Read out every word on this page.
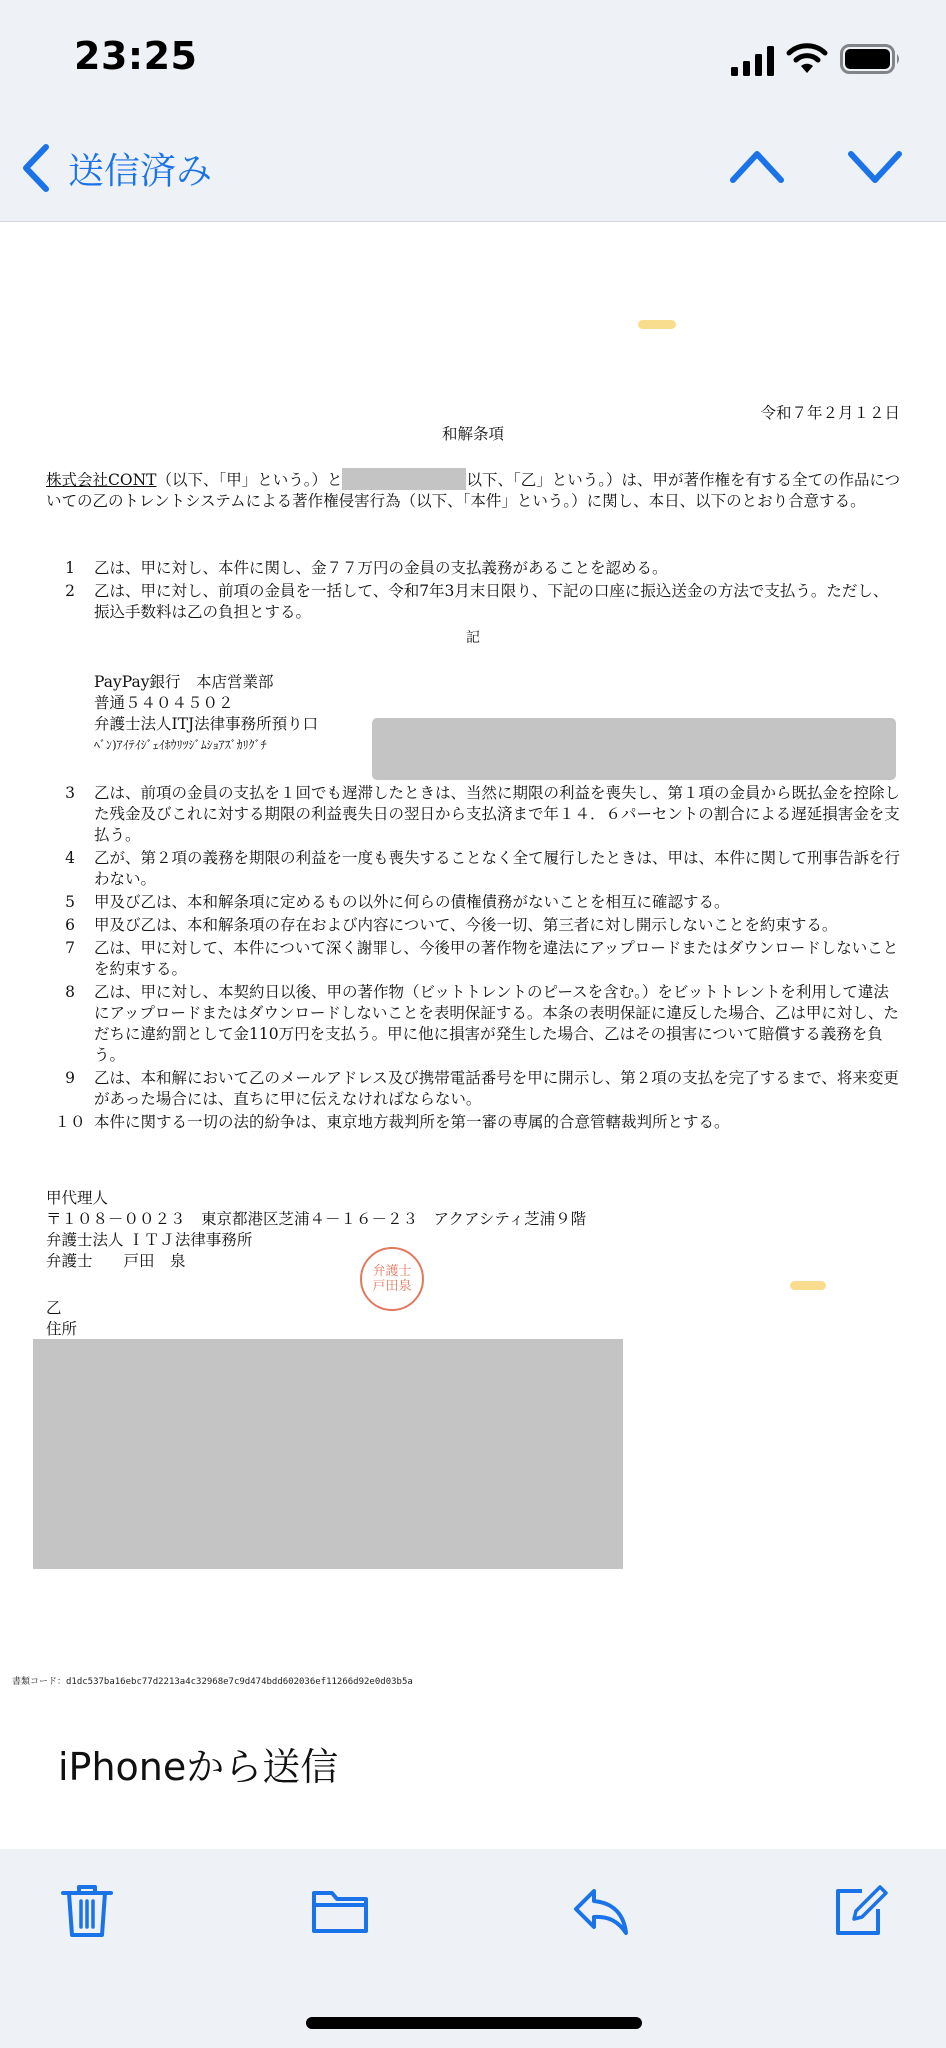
23:25
送信済み
令和７年２月１２日
和解条項
株式会社CONT（以下、「甲」という。）と	以下、「乙」という。）は、甲が著作権を有する全ての作品についての乙のトレントシステムによる著作権侵害行為（以下、「本件」という。）に関し、本日、以下のとおり合意する。
1	乙は、甲に対し、本件に関し、金７７万円の金員の支払義務があることを認める。
2	乙は、甲に対し、前項の金員を一括して、令和7年3月末日限り、下記の口座に振込送金の方法で支払う。ただし、振込手数料は乙の負担とする。
記
PayPay銀行　本店営業部
普通５４０４５０２
弁護士法人ITJ法律事務所預り口
ﾍﾞﾝ)ｱｲﾃｲｼﾞｪｲﾎｳﾘﾂｼﾞﾑｼｮｱｽﾞｶﾘｸﾞﾁ
3	乙は、前項の金員の支払を１回でも遅滞したときは、当然に期限の利益を喪失し、第１項の金員から既払金を控除した残金及びこれに対する期限の利益喪失日の翌日から支払済まで年１４．６パーセントの割合による遅延損害金を支払う。
4	乙が、第２項の義務を期限の利益を一度も喪失することなく全て履行したときは、甲は、本件に関して刑事告訴を行わない。
5	甲及び乙は、本和解条項に定めるもの以外に何らの債権債務がないことを相互に確認する。
6	甲及び乙は、本和解条項の存在および内容について、今後一切、第三者に対し開示しないことを約束する。
7	乙は、甲に対して、本件について深く謝罪し、今後甲の著作物を違法にアップロードまたはダウンロードしないことを約束する。
8	乙は、甲に対し、本契約日以後、甲の著作物（ビットトレントのピースを含む。）をビットトレントを利用して違法にアップロードまたはダウンロードしないことを表明保証する。本条の表明保証に違反した場合、乙は甲に対し、ただちに違約罰として金110万円を支払う。甲に他に損害が発生した場合、乙はその損害について賠償する義務を負う。
9	乙は、本和解において乙のメールアドレス及び携帯電話番号を甲に開示し、第２項の支払を完了するまで、将来変更があった場合には、直ちに甲に伝えなければならない。
１０ 本件に関する一切の法的紛争は、東京地方裁判所を第一審の専属的合意管轄裁判所とする。
甲代理人
〒１０８－００２３　東京都港区芝浦４－１６－２３　アクアシティ芝浦９階
弁護士法人 ＩＴＪ法律事務所
弁護士　　戸田　泉
弁護士
戸田泉
乙
住所
書類コード：d1dc537ba16ebc77d2213a4c32968e7c9d474bdd602036ef11266d92e0d03b5a
iPhoneから送信
